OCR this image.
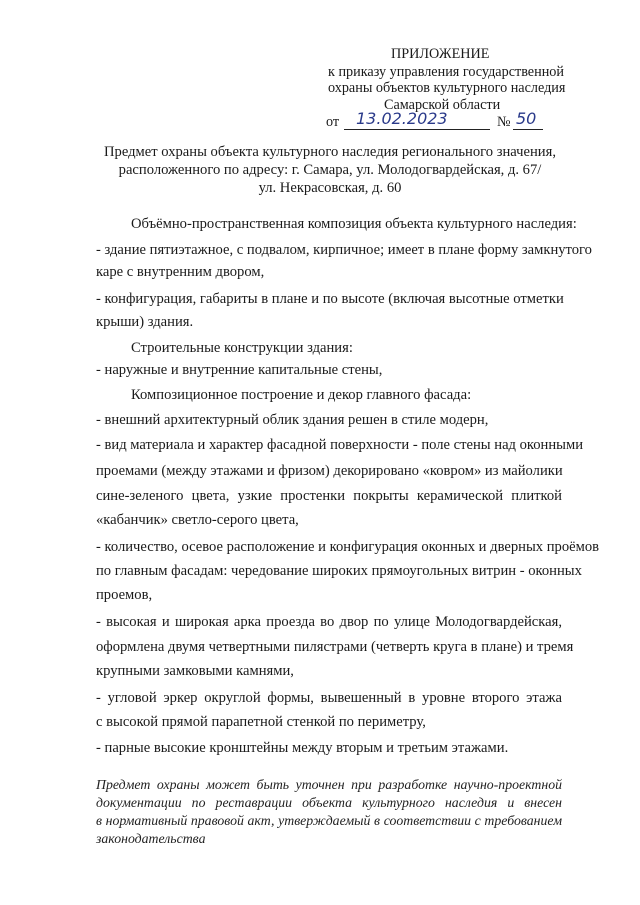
ПРИЛОЖЕНИЕ
к приказу управления государственной
охраны объектов культурного наследия
Самарской области
от 13.02.2023	№ 50
Предмет охраны объекта культурного наследия регионального значения,
расположенного по адресу: г. Самара, ул. Молодогвардейская, д. 67/
ул. Некрасовская, д. 60
Объёмно-пространственная композиция объекта культурного наследия:
- здание пятиэтажное, с подвалом, кирпичное; имеет в плане форму замкнутого
каре с внутренним двором,
- конфигурация, габариты в плане и по высоте (включая высотные отметки
крыши) здания.
Строительные конструкции здания:
- наружные и внутренние капитальные стены,
Композиционное построение и декор главного фасада:
- внешний архитектурный облик здания решен в стиле модерн,
- вид материала и характер фасадной поверхности - поле стены над оконными
проемами (между этажами и фризом) декорировано «ковром» из майолики
сине-зеленого цвета, узкие простенки покрыты керамической плиткой
«кабанчик» светло-серого цвета,
- количество, осевое расположение и конфигурация оконных и дверных проёмов
по главным фасадам: чередование широких прямоугольных витрин - оконных
проемов,
- высокая и широкая арка проезда во двор по улице Молодогвардейская,
оформлена двумя четвертными пилястрами (четверть круга в плане) и тремя
крупными замковыми камнями,
- угловой эркер округлой формы, вывешенный в уровне второго этажа
с высокой прямой парапетной стенкой по периметру,
- парные высокие кронштейны между вторым и третьим этажами.
Предмет охраны может быть уточнен при разработке научно-проектной
документации по реставрации объекта культурного наследия и внесен
в нормативный правовой акт, утверждаемый в соответствии с требованием
законодательства
